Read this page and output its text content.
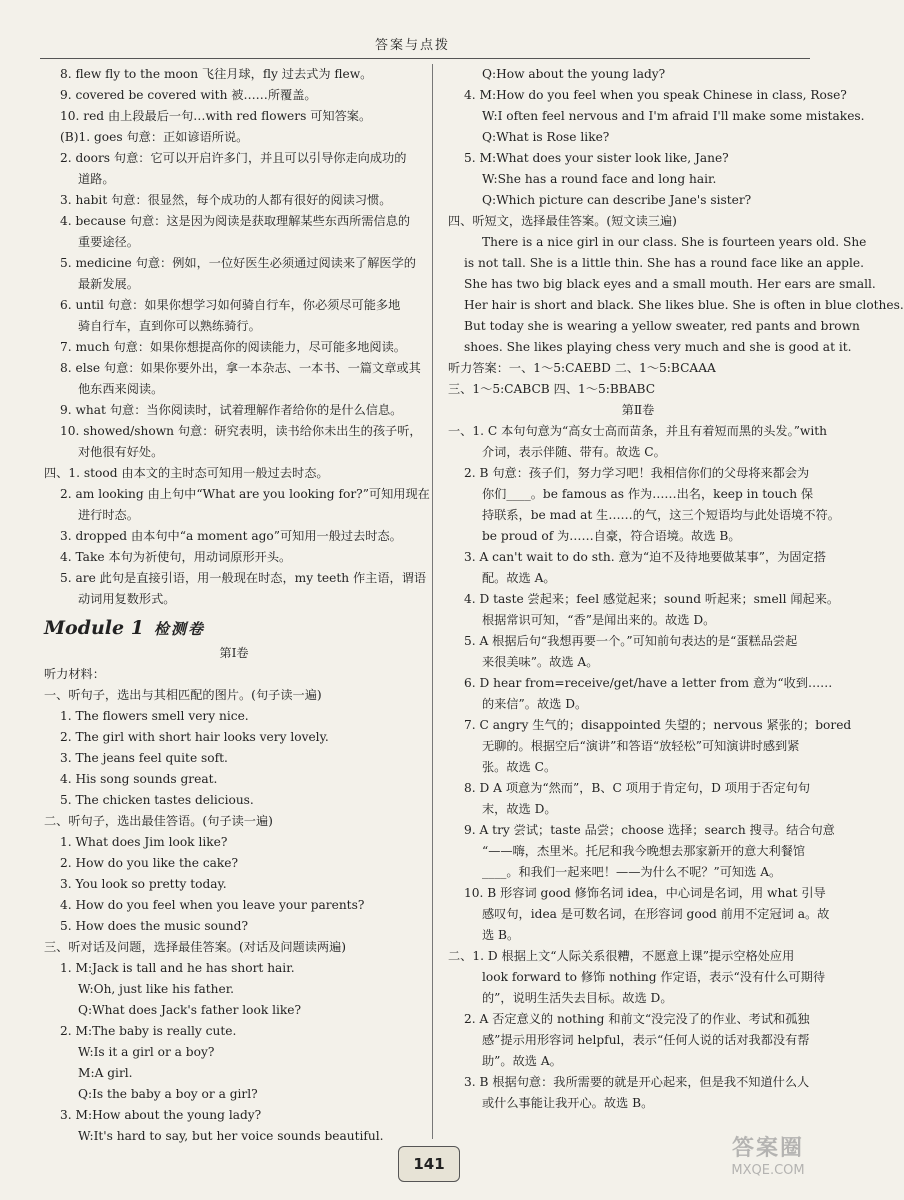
答案与点拨
8. flew fly to the moon 飞往月球，fly 过去式为 flew。
9. covered be covered with 被……所覆盖。
10. red 由上段最后一句…with red flowers 可知答案。
(B)1. goes 句意：正如谚语所说。
2. doors 句意：它可以开启许多门，并且可以引导你走向成功的
道路。
3. habit 句意：很显然，每个成功的人都有很好的阅读习惯。
4. because 句意：这是因为阅读是获取理解某些东西所需信息的
重要途径。
5. medicine 句意：例如，一位好医生必须通过阅读来了解医学的
最新发展。
6. until 句意：如果你想学习如何骑自行车，你必须尽可能多地
骑自行车，直到你可以熟练骑行。
7. much 句意：如果你想提高你的阅读能力，尽可能多地阅读。
8. else 句意：如果你要外出，拿一本杂志、一本书、一篇文章或其
他东西来阅读。
9. what 句意：当你阅读时，试着理解作者给你的是什么信息。
10. showed/shown 句意：研究表明，读书给你未出生的孩子听，
对他很有好处。
四、1. stood 由本文的主时态可知用一般过去时态。
2. am looking 由上句中“What are you looking for?”可知用现在
进行时态。
3. dropped 由本句中“a moment ago”可知用一般过去时态。
4. Take 本句为祈使句，用动词原形开头。
5. are 此句是直接引语，用一般现在时态，my teeth 作主语，谓语
动词用复数形式。
Module 1 检测卷
第Ⅰ卷
听力材料：
一、听句子，选出与其相匹配的图片。(句子读一遍)
1. The flowers smell very nice.
2. The girl with short hair looks very lovely.
3. The jeans feel quite soft.
4. His song sounds great.
5. The chicken tastes delicious.
二、听句子，选出最佳答语。(句子读一遍)
1. What does Jim look like?
2. How do you like the cake?
3. You look so pretty today.
4. How do you feel when you leave your parents?
5. How does the music sound?
三、听对话及问题，选择最佳答案。(对话及问题读两遍)
1. M:Jack is tall and he has short hair.
W:Oh, just like his father.
Q:What does Jack's father look like?
2. M:The baby is really cute.
W:Is it a girl or a boy?
M:A girl.
Q:Is the baby a boy or a girl?
3. M:How about the young lady?
W:It's hard to say, but her voice sounds beautiful.
Q:How about the young lady?
4. M:How do you feel when you speak Chinese in class, Rose?
W:I often feel nervous and I'm afraid I'll make some mistakes.
Q:What is Rose like?
5. M:What does your sister look like, Jane?
W:She has a round face and long hair.
Q:Which picture can describe Jane's sister?
四、听短文，选择最佳答案。(短文读三遍)
There is a nice girl in our class. She is fourteen years old. She
is not tall. She is a little thin. She has a round face like an apple.
She has two big black eyes and a small mouth. Her ears are small.
Her hair is short and black. She likes blue. She is often in blue clothes.
But today she is wearing a yellow sweater, red pants and brown
shoes. She likes playing chess very much and she is good at it.
听力答案：一、1～5:CAEBD 二、1～5:BCAAA
三、1～5:CABCB 四、1～5:BBABC
第Ⅱ卷
一、1. C 本句句意为“高女士高而苗条，并且有着短而黑的头发。”with
介词，表示伴随、带有。故选 C。
2. B 句意：孩子们，努力学习吧！我相信你们的父母将来都会为
你们____。be famous as 作为……出名，keep in touch 保
持联系，be mad at 生……的气，这三个短语均与此处语境不符。
be proud of 为……自豪，符合语境。故选 B。
3. A can't wait to do sth. 意为“迫不及待地要做某事”，为固定搭
配。故选 A。
4. D taste 尝起来；feel 感觉起来；sound 听起来；smell 闻起来。
根据常识可知，“香”是闻出来的。故选 D。
5. A 根据后句“我想再要一个。”可知前句表达的是“蛋糕品尝起
来很美味”。故选 A。
6. D hear from=receive/get/have a letter from 意为“收到……
的来信”。故选 D。
7. C angry 生气的；disappointed 失望的；nervous 紧张的；bored
无聊的。根据空后“演讲”和答语“放轻松”可知演讲时感到紧
张。故选 C。
8. D A 项意为“然而”，B、C 项用于肯定句，D 项用于否定句句
末，故选 D。
9. A try 尝试；taste 品尝；choose 选择；search 搜寻。结合句意
“——嗨，杰里米。托尼和我今晚想去那家新开的意大利餐馆
____。和我们一起来吧！——为什么不呢？”可知选 A。
10. B 形容词 good 修饰名词 idea，中心词是名词，用 what 引导
感叹句，idea 是可数名词，在形容词 good 前用不定冠词 a。故
选 B。
二、1. D 根据上文“人际关系很糟，不愿意上课”提示空格处应用
look forward to 修饰 nothing 作定语，表示“没有什么可期待
的”，说明生活失去目标。故选 D。
2. A 否定意义的 nothing 和前文“没完没了的作业、考试和孤独
感”提示用形容词 helpful，表示“任何人说的话对我都没有帮
助”。故选 A。
3. B 根据句意：我所需要的就是开心起来，但是我不知道什么人
或什么事能让我开心。故选 B。
141
答案圈
MXQE.COM
